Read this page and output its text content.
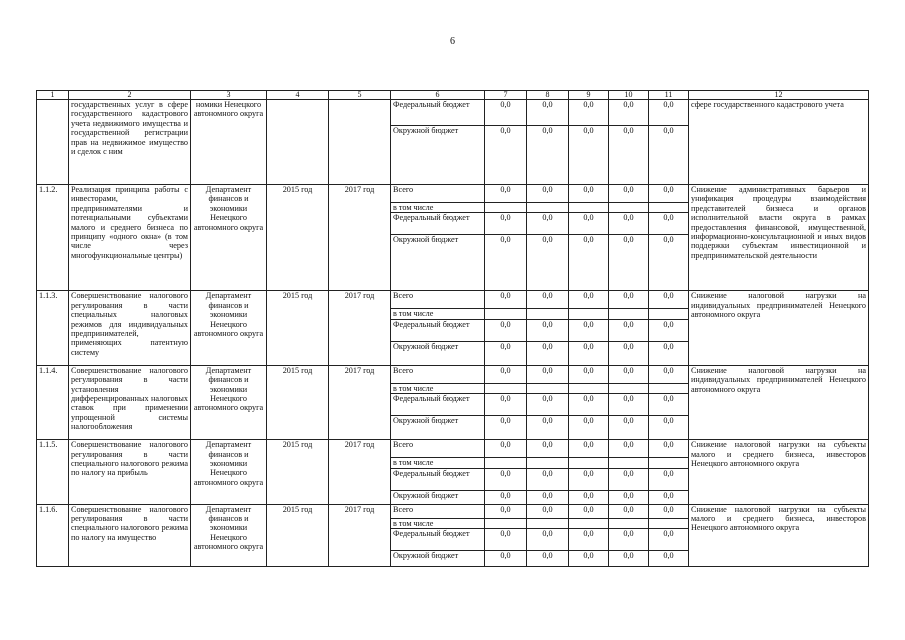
6
1	2	3	4	5	6	7	8	9	10	11	12
	государственных услуг в сфере государственного кадастрового учета недвижимого имущества и государственной регистрации прав на недвижимое имущество и сделок с ним	номики Ненецкого автономного округа			Федеральный бюджет	0,0	0,0	0,0	0,0	0,0	сфере государственного кадастрового учета
					Окружной бюджет	0,0	0,0	0,0	0,0	0,0	
1.1.2.	Реализация принципа работы с инвесторами, предпринимателями и потенциальными субъектами малого и среднего бизнеса по принципу «одного окна» (в том числе через многофункциональные центры)	Департамент финансов и экономики Ненецкого автономного округа	2015 год	2017 год	Всего	0,0	0,0	0,0	0,0	0,0	Снижение административных барьеров и унификация процедуры взаимодействия представителей бизнеса и органов исполнительной власти округа в рамках предоставления финансовой, имущественной, информационно-консультационной и иных видов поддержки субъектам инвестиционной и предпринимательской деятельности
					в том числе						
					Федеральный бюджет	0,0	0,0	0,0	0,0	0,0	
					Окружной бюджет	0,0	0,0	0,0	0,0	0,0	
1.1.3.	Совершенствование налогового регулирования в части специальных налоговых режимов для индивидуальных предпринимателей, применяющих патентную систему	Департамент финансов и экономики Ненецкого автономного округа	2015 год	2017 год	Всего	0,0	0,0	0,0	0,0	0,0	Снижение налоговой нагрузки на индивидуальных предпринимателей Ненецкого автономного округа
					в том числе						
					Федеральный бюджет	0,0	0,0	0,0	0,0	0,0	
					Окружной бюджет	0,0	0,0	0,0	0,0	0,0	
1.1.4.	Совершенствование налогового регулирования в части установления дифференцированных налоговых ставок при применении упрощенной системы налогообложения	Департамент финансов и экономики Ненецкого автономного округа	2015 год	2017 год	Всего	0,0	0,0	0,0	0,0	0,0	Снижение налоговой нагрузки на индивидуальных предпринимателей Ненецкого автономного округа
					в том числе						
					Федеральный бюджет	0,0	0,0	0,0	0,0	0,0	
					Окружной бюджет	0,0	0,0	0,0	0,0	0,0	
1.1.5.	Совершенствование налогового регулирования в части специального налогового режима по налогу на прибыль	Департамент финансов и экономики Ненецкого автономного округа	2015 год	2017 год	Всего	0,0	0,0	0,0	0,0	0,0	Снижение налоговой нагрузки на субъекты малого и среднего бизнеса, инвесторов Ненецкого автономного округа
					в том числе						
					Федеральный бюджет	0,0	0,0	0,0	0,0	0,0	
					Окружной бюджет	0,0	0,0	0,0	0,0	0,0	
1.1.6.	Совершенствование налогового регулирования в части специального налогового режима по налогу на имущество	Департамент финансов и экономики Ненецкого автономного округа	2015 год	2017 год	Всего	0,0	0,0	0,0	0,0	0,0	Снижение налоговой нагрузки на субъекты малого и среднего бизнеса, инвесторов Ненецкого автономного округа
					в том числе						
					Федеральный бюджет	0,0	0,0	0,0	0,0	0,0	
					Окружной бюджет	0,0	0,0	0,0	0,0	0,0	
